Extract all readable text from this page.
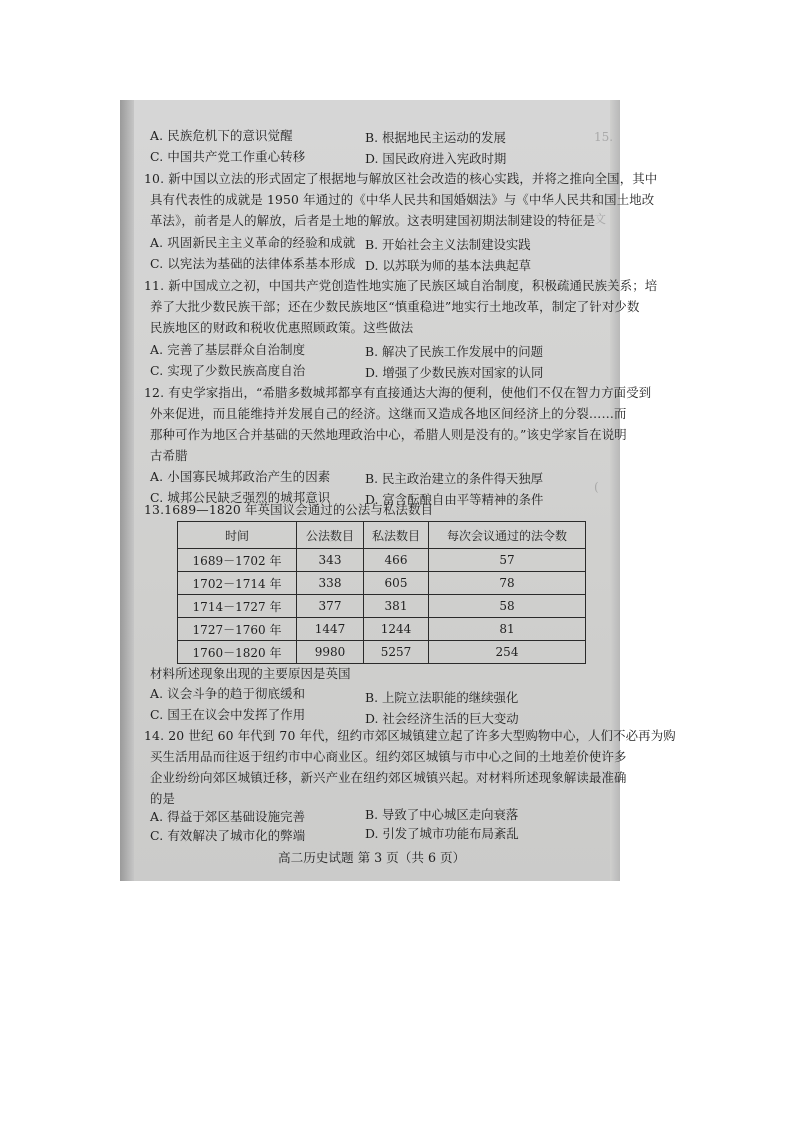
15.
文
(
A. 民族危机下的意识觉醒	B. 根据地民主运动的发展
C. 中国共产党工作重心转移	D. 国民政府进入宪政时期
10. 新中国以立法的形式固定了根据地与解放区社会改造的核心实践，并将之推向全国，其中
具有代表性的成就是 1950 年通过的《中华人民共和国婚姻法》与《中华人民共和国土地改
革法》，前者是人的解放，后者是土地的解放。这表明建国初期法制建设的特征是
A. 巩固新民主主义革命的经验和成就 B. 开始社会主义法制建设实践
C. 以宪法为基础的法律体系基本形成 D. 以苏联为师的基本法典起草
11. 新中国成立之初，中国共产党创造性地实施了民族区域自治制度，积极疏通民族关系；培
养了大批少数民族干部；还在少数民族地区“慎重稳进”地实行土地改革，制定了针对少数
民族地区的财政和税收优惠照顾政策。这些做法
A. 完善了基层群众自治制度	B. 解决了民族工作发展中的问题
C. 实现了少数民族高度自治	D. 增强了少数民族对国家的认同
12. 有史学家指出，“希腊多数城邦都享有直接通达大海的便利，使他们不仅在智力方面受到
外来促进，而且能维持并发展自己的经济。这继而又造成各地区间经济上的分裂……而
那种可作为地区合并基础的天然地理政治中心，希腊人则是没有的。”该史学家旨在说明
古希腊
A. 小国寡民城邦政治产生的因素	B. 民主政治建立的条件得天独厚
C. 城邦公民缺乏强烈的城邦意识	D. 富含酝酿自由平等精神的条件
13.1689—1820 年英国议会通过的公法与私法数目
时间	公法数目	私法数目	每次会议通过的法令数
1689－1702 年	343	466	57
1702－1714 年	338	605	78
1714－1727 年	377	381	58
1727－1760 年	1447	1244	81
1760－1820 年	9980	5257	254
材料所述现象出现的主要原因是英国
A. 议会斗争的趋于彻底缓和	B. 上院立法职能的继续强化
C. 国王在议会中发挥了作用	D. 社会经济生活的巨大变动
14. 20 世纪 60 年代到 70 年代，纽约市郊区城镇建立起了许多大型购物中心，人们不必再为购
买生活用品而往返于纽约市中心商业区。纽约郊区城镇与市中心之间的土地差价使许多
企业纷纷向郊区城镇迁移，新兴产业在纽约郊区城镇兴起。对材料所述现象解读最准确
的是
A. 得益于郊区基础设施完善	B. 导致了中心城区走向衰落
C. 有效解决了城市化的弊端	D. 引发了城市功能布局紊乱
高二历史试题 第 3 页（共 6 页）
